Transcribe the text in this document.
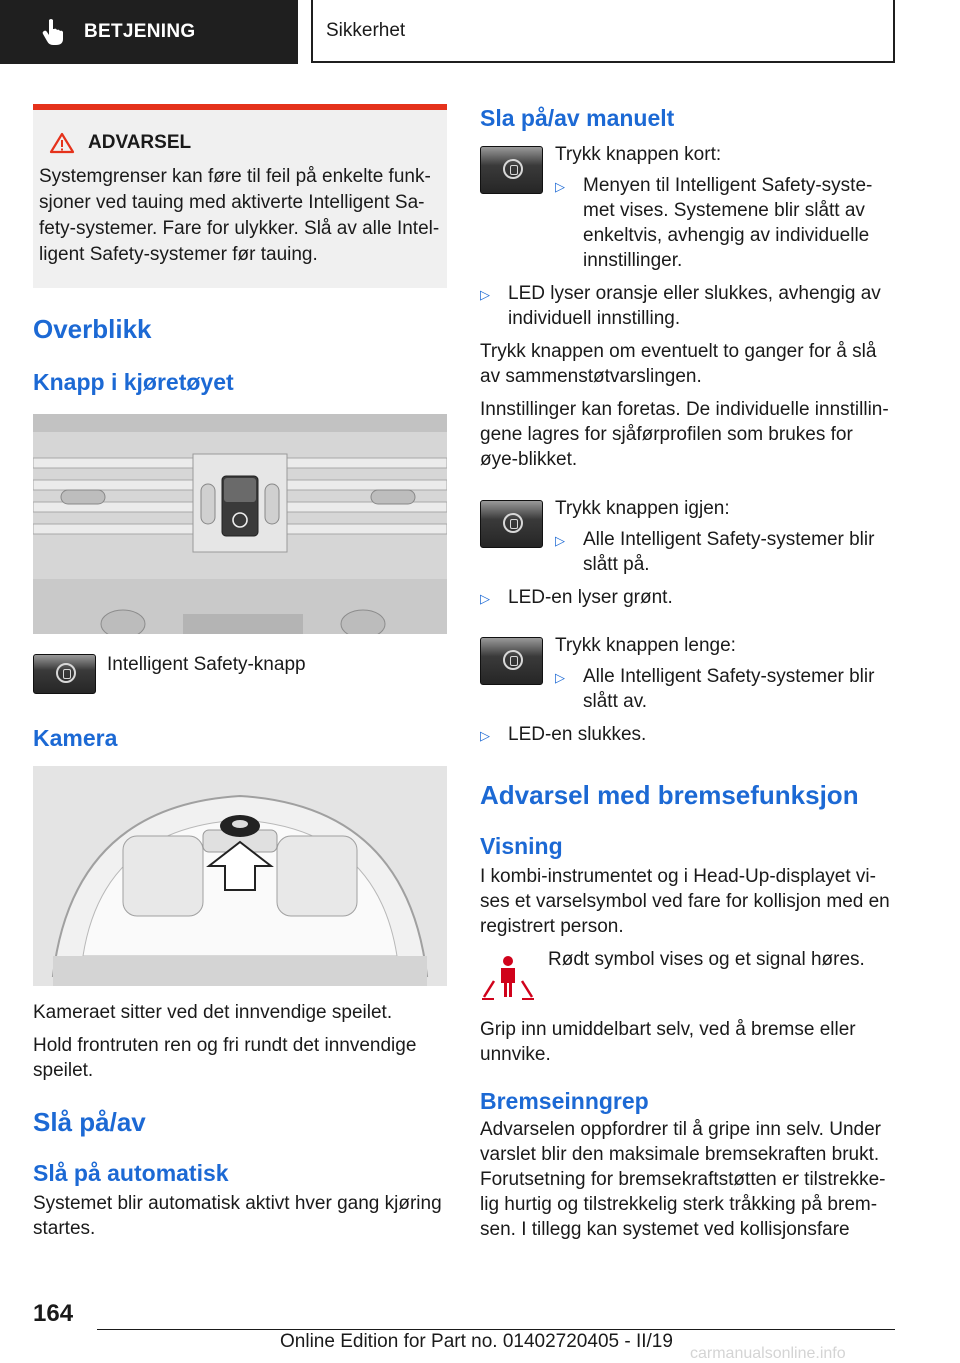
BETJENING	Sikkerhet
ADVARSEL
Systemgrenser kan føre til feil på enkelte funk-sjoner ved tauing med aktiverte Intelligent Sa-fety-systemer. Fare for ulykker. Slå av alle Intel-ligent Safety-systemer før tauing.
Overblikk
Knapp i kjøretøyet
Intelligent Safety-knapp
Kamera
Kameraet sitter ved det innvendige speilet.
Hold frontruten ren og fri rundt det innvendige speilet.
Slå på/av
Slå på automatisk
Systemet blir automatisk aktivt hver gang kjøring startes.
Sla på/av manuelt
Trykk knappen kort:
▷ Menyen til Intelligent Safety-syste-met vises. Systemene blir slått av enkeltvis, avhengig av individuelle innstillinger.
▷ LED lyser oransje eller slukkes, avhengig av individuell innstilling.
Trykk knappen om eventuelt to ganger for å slå av sammenstøtvarslingen.
Innstillinger kan foretas. De individuelle innstillin-gene lagres for sjåførprofilen som brukes for øye-blikket.
Trykk knappen igjen:
▷ Alle Intelligent Safety-systemer blir slått på.
▷ LED-en lyser grønt.
Trykk knappen lenge:
▷ Alle Intelligent Safety-systemer blir slått av.
▷ LED-en slukkes.
Advarsel med bremsefunksjon
Visning
I kombi-instrumentet og i Head-Up-displayet vi-ses et varselsymbol ved fare for kollisjon med en registrert person.
Rødt symbol vises og et signal høres.
Grip inn umiddelbart selv, ved å bremse eller unnvike.
Bremseinngrep
Advarselen oppfordrer til å gripe inn selv. Under varslet blir den maksimale bremsekraften brukt. Forutsetning for bremsekraftstøtten er tilstrekke-lig hurtig og tilstrekkelig sterk tråkking på brem-sen. I tillegg kan systemet ved kollisjonsfare
164
Online Edition for Part no. 01402720405 - II/19
carmanualsonline.info
